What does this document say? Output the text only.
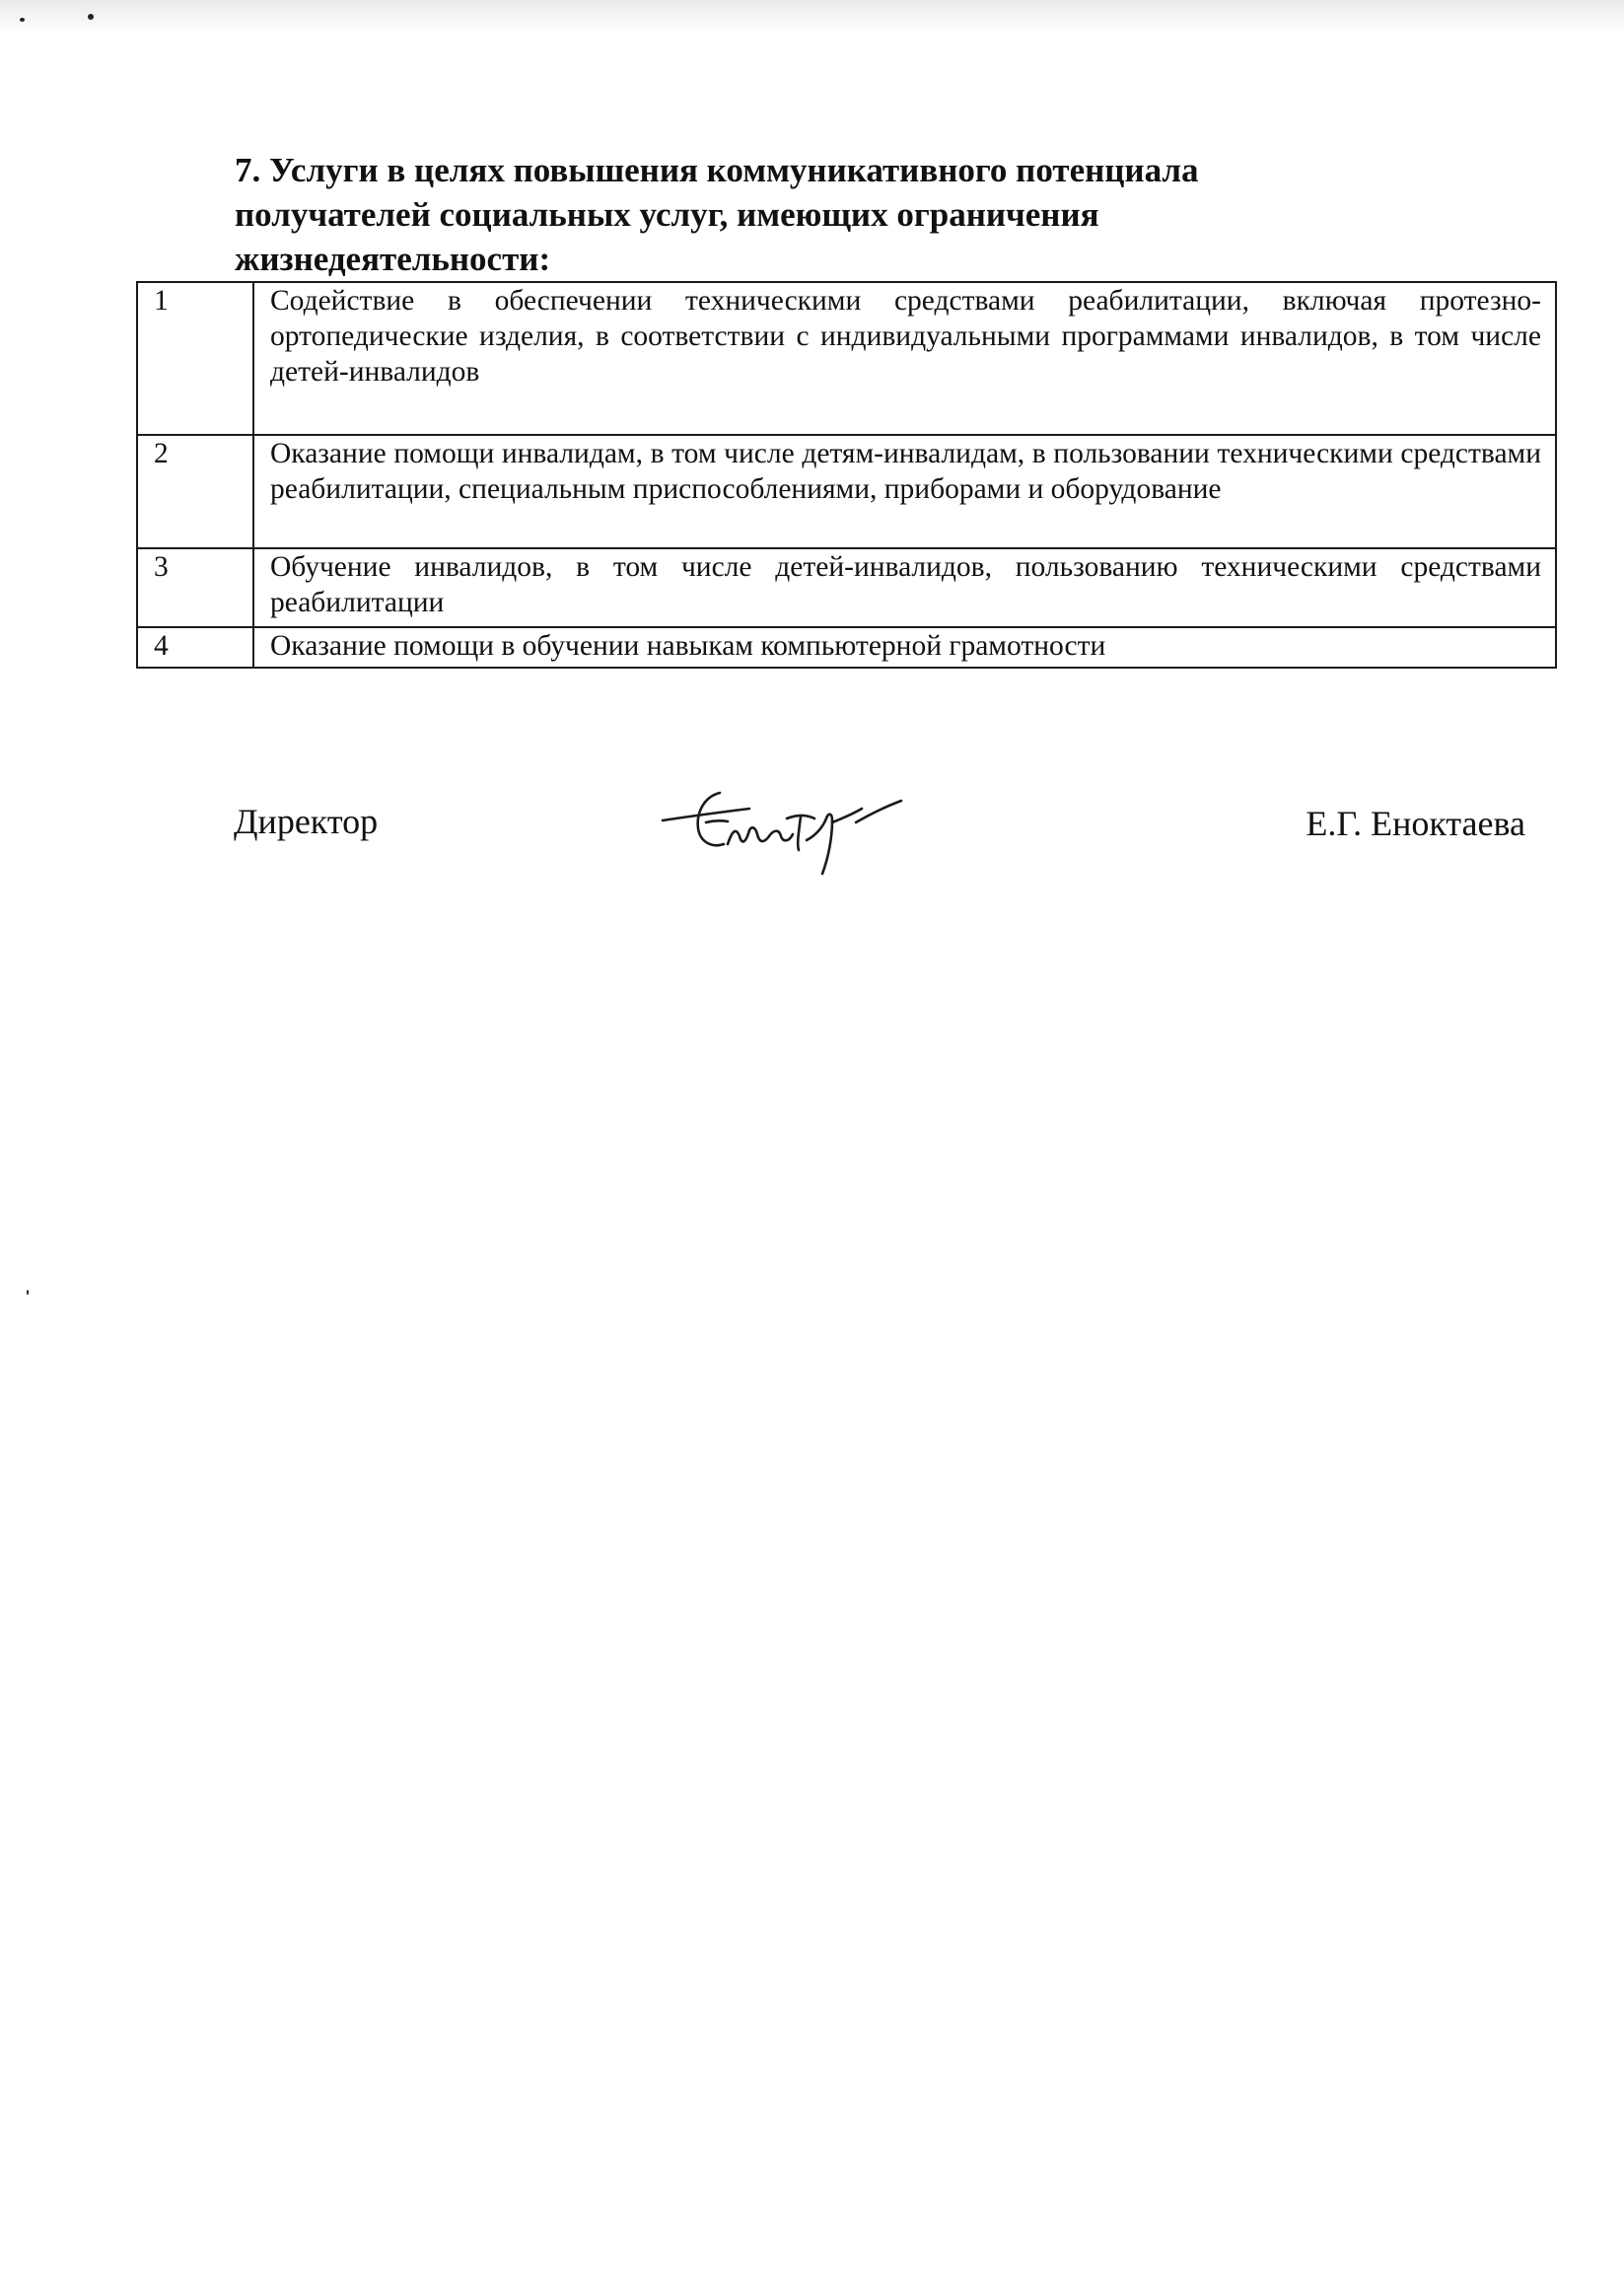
7. Услуги в целях повышения коммуникативного потенциала
получателей социальных услуг, имеющих ограничения
жизнедеятельности:
1	Содействие в обеспечении техническими средствами реабилитации, включая протезно-ортопедические изделия, в соответствии с индивидуальными программами инвалидов, в том числе детей-инвалидов
2	Оказание помощи инвалидам, в том числе детям-инвалидам, в пользовании техническими средствами реабилитации, специальным приспособлениями, приборами и оборудование
3	Обучение инвалидов, в том числе детей-инвалидов, пользованию техническими средствами реабилитации
4	Оказание помощи в обучении навыкам компьютерной грамотности
Директор	Е.Г. Еноктаева
